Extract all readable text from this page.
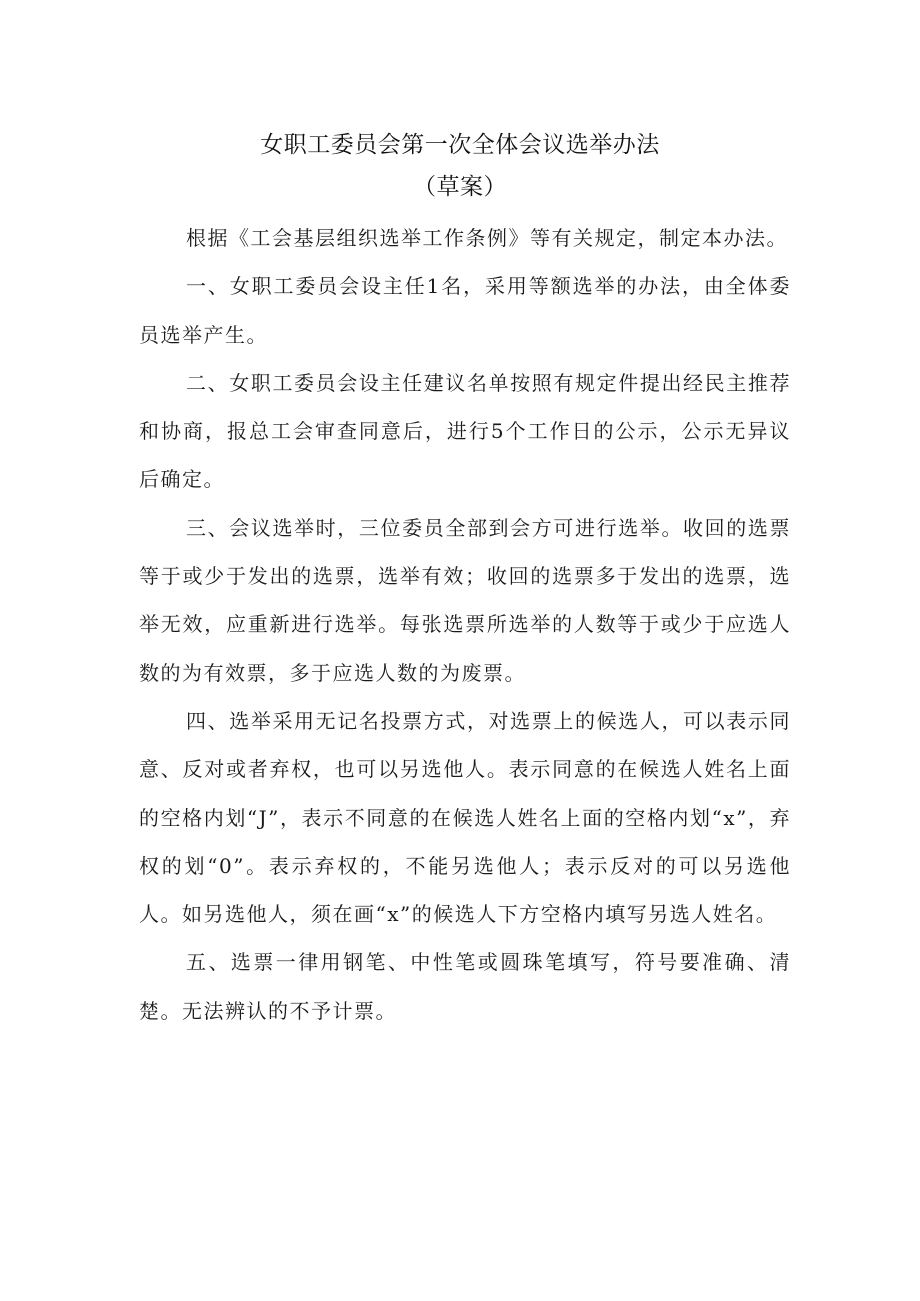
女职工委员会第一次全体会议选举办法
（草案）

根据《工会基层组织选举工作条例》等有关规定，制定本办法。

一、女职工委员会设主任1名，采用等额选举的办法，由全体委员选举产生。

二、女职工委员会设主任建议名单按照有规定件提出经民主推荐和协商，报总工会审查同意后，进行5个工作日的公示，公示无异议后确定。

三、会议选举时，三位委员全部到会方可进行选举。收回的选票等于或少于发出的选票，选举有效；收回的选票多于发出的选票，选举无效，应重新进行选举。每张选票所选举的人数等于或少于应选人数的为有效票，多于应选人数的为废票。

四、选举采用无记名投票方式，对选票上的候选人，可以表示同意、反对或者弃权，也可以另选他人。表示同意的在候选人姓名上面的空格内划“J”，表示不同意的在候选人姓名上面的空格内划“x”，弃权的划“0”。表示弃权的，不能另选他人；表示反对的可以另选他人。如另选他人，须在画“x”的候选人下方空格内填写另选人姓名。

五、选票一律用钢笔、中性笔或圆珠笔填写，符号要准确、清楚。无法辨认的不予计票。
